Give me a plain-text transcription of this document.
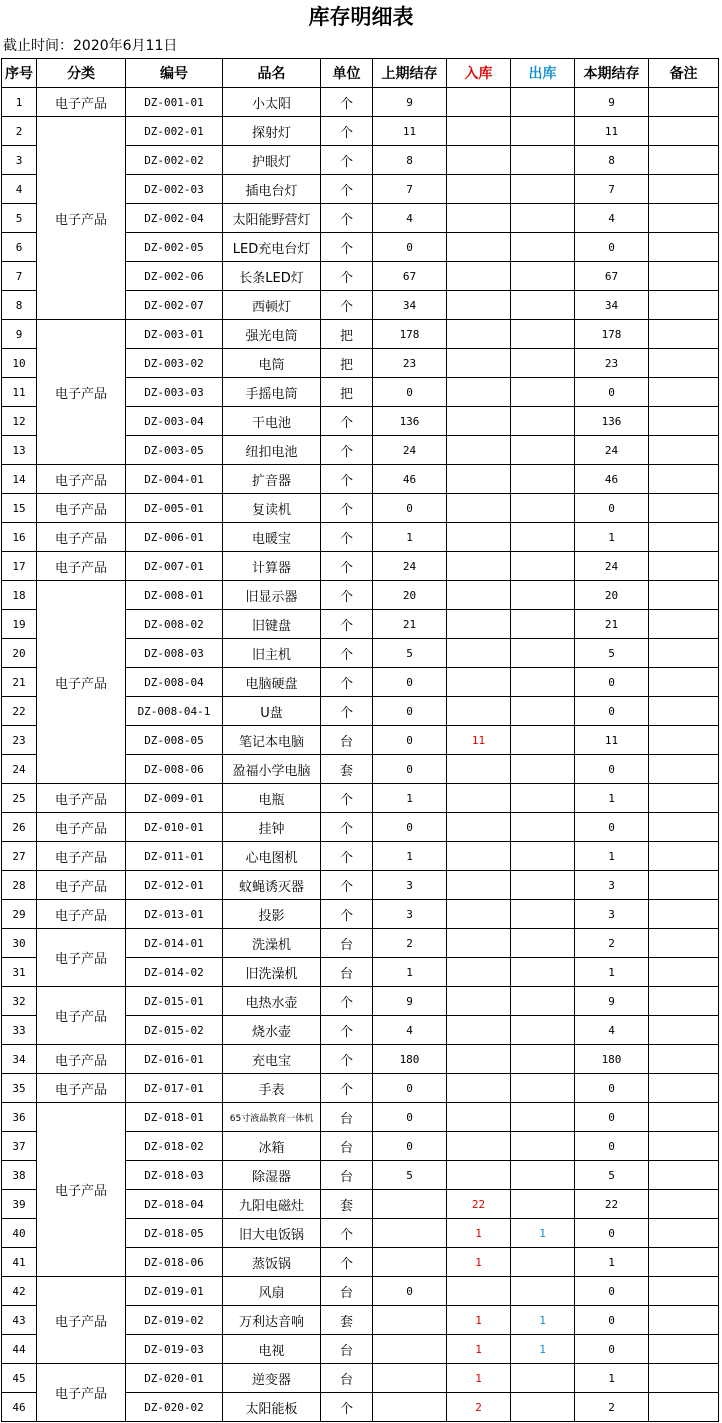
库存明细表
截止时间：2020年6月11日
序号	分类	编号	品名	单位	上期结存	入库	出库	本期结存	备注
1	电子产品	DZ-001-01	小太阳	个	9			9	
2	电子产品	DZ-002-01	探射灯	个	11			11	
3		DZ-002-02	护眼灯	个	8			8	
4		DZ-002-03	插电台灯	个	7			7	
5		DZ-002-04	太阳能野营灯	个	4			4	
6		DZ-002-05	LED充电台灯	个	0			0	
7		DZ-002-06	长条LED灯	个	67			67	
8		DZ-002-07	西顿灯	个	34			34	
9	电子产品	DZ-003-01	强光电筒	把	178			178	
10		DZ-003-02	电筒	把	23			23	
11		DZ-003-03	手摇电筒	把	0			0	
12		DZ-003-04	干电池	个	136			136	
13		DZ-003-05	纽扣电池	个	24			24	
14	电子产品	DZ-004-01	扩音器	个	46			46	
15	电子产品	DZ-005-01	复读机	个	0			0	
16	电子产品	DZ-006-01	电暖宝	个	1			1	
17	电子产品	DZ-007-01	计算器	个	24			24	
18	电子产品	DZ-008-01	旧显示器	个	20			20	
19		DZ-008-02	旧键盘	个	21			21	
20		DZ-008-03	旧主机	个	5			5	
21		DZ-008-04	电脑硬盘	个	0			0	
22		DZ-008-04-1	U盘	个	0			0	
23		DZ-008-05	笔记本电脑	台	0	11		11	
24		DZ-008-06	盈福小学电脑	套	0			0	
25	电子产品	DZ-009-01	电瓶	个	1			1	
26	电子产品	DZ-010-01	挂钟	个	0			0	
27	电子产品	DZ-011-01	心电图机	个	1			1	
28	电子产品	DZ-012-01	蚊蝇诱灭器	个	3			3	
29	电子产品	DZ-013-01	投影	个	3			3	
30	电子产品	DZ-014-01	洗澡机	台	2			2	
31		DZ-014-02	旧洗澡机	台	1			1	
32	电子产品	DZ-015-01	电热水壶	个	9			9	
33		DZ-015-02	烧水壶	个	4			4	
34	电子产品	DZ-016-01	充电宝	个	180			180	
35	电子产品	DZ-017-01	手表	个	0			0	
36	电子产品	DZ-018-01	65寸液晶教育一体机	台	0			0	
37		DZ-018-02	冰箱	台	0			0	
38		DZ-018-03	除湿器	台	5			5	
39		DZ-018-04	九阳电磁灶	套		22		22	
40		DZ-018-05	旧大电饭锅	个		1	1	0	
41		DZ-018-06	蒸饭锅	个		1		1	
42	电子产品	DZ-019-01	风扇	台	0			0	
43		DZ-019-02	万利达音响	套		1	1	0	
44		DZ-019-03	电视	台		1	1	0	
45	电子产品	DZ-020-01	逆变器	台		1		1	
46		DZ-020-02	太阳能板	个		2		2	
